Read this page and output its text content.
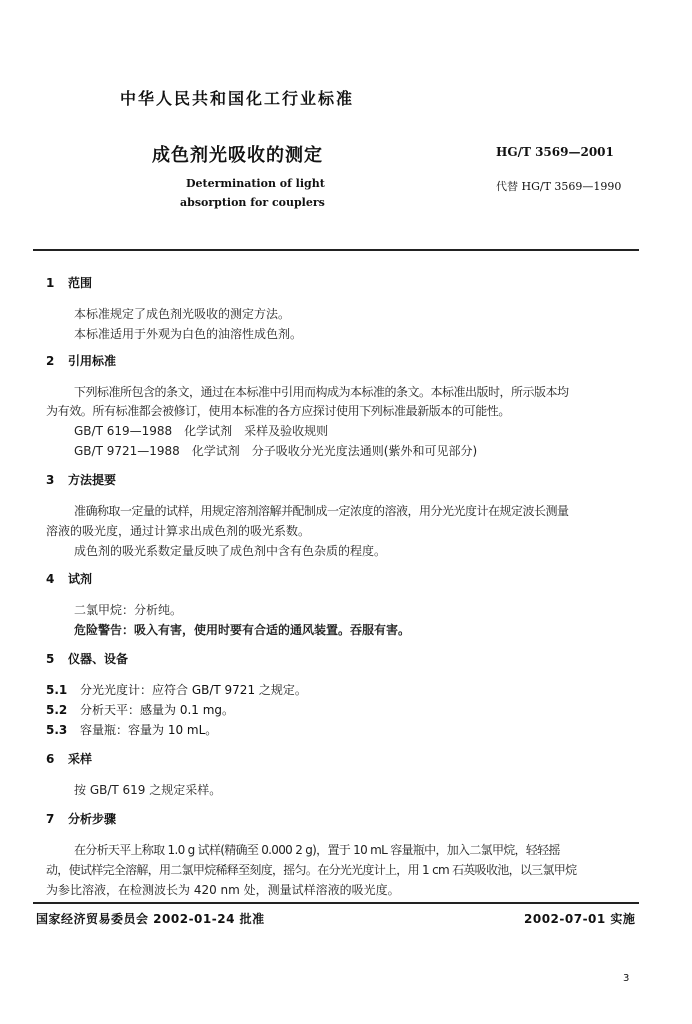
中华人民共和国化工行业标准
成色剂光吸收的测定	HG/T 3569—2001
Determination of light
absorption for couplers
代替 HG/T 3569—1990
1 范围
本标准规定了成色剂光吸收的测定方法。
本标准适用于外观为白色的油溶性成色剂。
2 引用标准
下列标准所包含的条文，通过在本标准中引用而构成为本标准的条文。本标准出版时，所示版本均
为有效。所有标准都会被修订，使用本标准的各方应探讨使用下列标准最新版本的可能性。
GB/T 619—1988　化学试剂　采样及验收规则
GB/T 9721—1988　化学试剂　分子吸收分光光度法通则(紫外和可见部分)
3 方法提要
准确称取一定量的试样，用规定溶剂溶解并配制成一定浓度的溶液，用分光光度计在规定波长测量
溶液的吸光度，通过计算求出成色剂的吸光系数。
成色剂的吸光系数定量反映了成色剂中含有色杂质的程度。
4 试剂
二氯甲烷：分析纯。
危险警告：吸入有害，使用时要有合适的通风装置。吞服有害。
5 仪器、设备
5.1 分光光度计：应符合 GB/T 9721 之规定。
5.2 分析天平：感量为 0.1 mg。
5.3 容量瓶：容量为 10 mL。
6 采样
按 GB/T 619 之规定采样。
7 分析步骤
在分析天平上称取 1.0 g 试样(精确至 0.000 2 g)，置于 10 mL 容量瓶中，加入二氯甲烷，轻轻摇
动，使试样完全溶解，用二氯甲烷稀释至刻度，摇匀。在分光光度计上，用 1 cm 石英吸收池，以三氯甲烷
为参比溶液，在检测波长为 420 nm 处，测量试样溶液的吸光度。
国家经济贸易委员会 2002-01-24 批准	2002-07-01 实施
3
